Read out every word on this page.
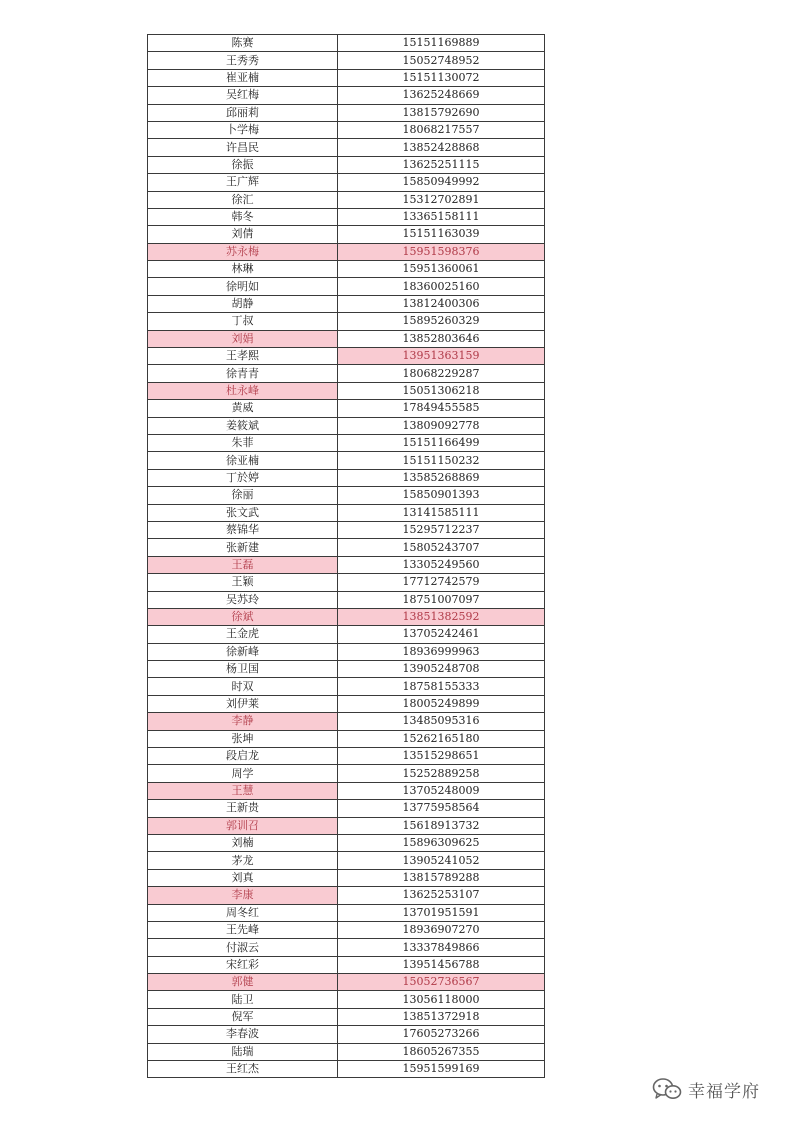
陈赛	15151169889
王秀秀	15052748952
崔亚楠	15151130072
吴红梅	13625248669
邱丽莉	13815792690
卜学梅	18068217557
许昌民	13852428868
徐振	13625251115
王广辉	15850949992
徐汇	15312702891
韩冬	13365158111
刘倩	15151163039
苏永梅	15951598376
林琳	15951360061
徐明如	18360025160
胡静	13812400306
丁叔	15895260329
刘娟	13852803646
王孝熙	13951363159
徐青青	18068229287
杜永峰	15051306218
黄威	17849455585
姜筱斌	13809092778
朱菲	15151166499
徐亚楠	15151150232
丁於婷	13585268869
徐丽	15850901393
张文武	13141585111
蔡锦华	15295712237
张新建	15805243707
王磊	13305249560
王颖	17712742579
吴苏玲	18751007097
徐斌	13851382592
王金虎	13705242461
徐新峰	18936999963
杨卫国	13905248708
时双	18758155333
刘伊莱	18005249899
李静	13485095316
张坤	15262165180
段启龙	13515298651
周学	15252889258
王慧	13705248009
王新贵	13775958564
郭训召	15618913732
刘楠	15896309625
茅龙	13905241052
刘真	13815789288
李康	13625253107
周冬红	13701951591
王先峰	18936907270
付淑云	13337849866
宋红彩	13951456788
郭健	15052736567
陆卫	13056118000
倪军	13851372918
李春波	17605273266
陆瑞	18605267355
王红杰	15951599169
幸福学府
